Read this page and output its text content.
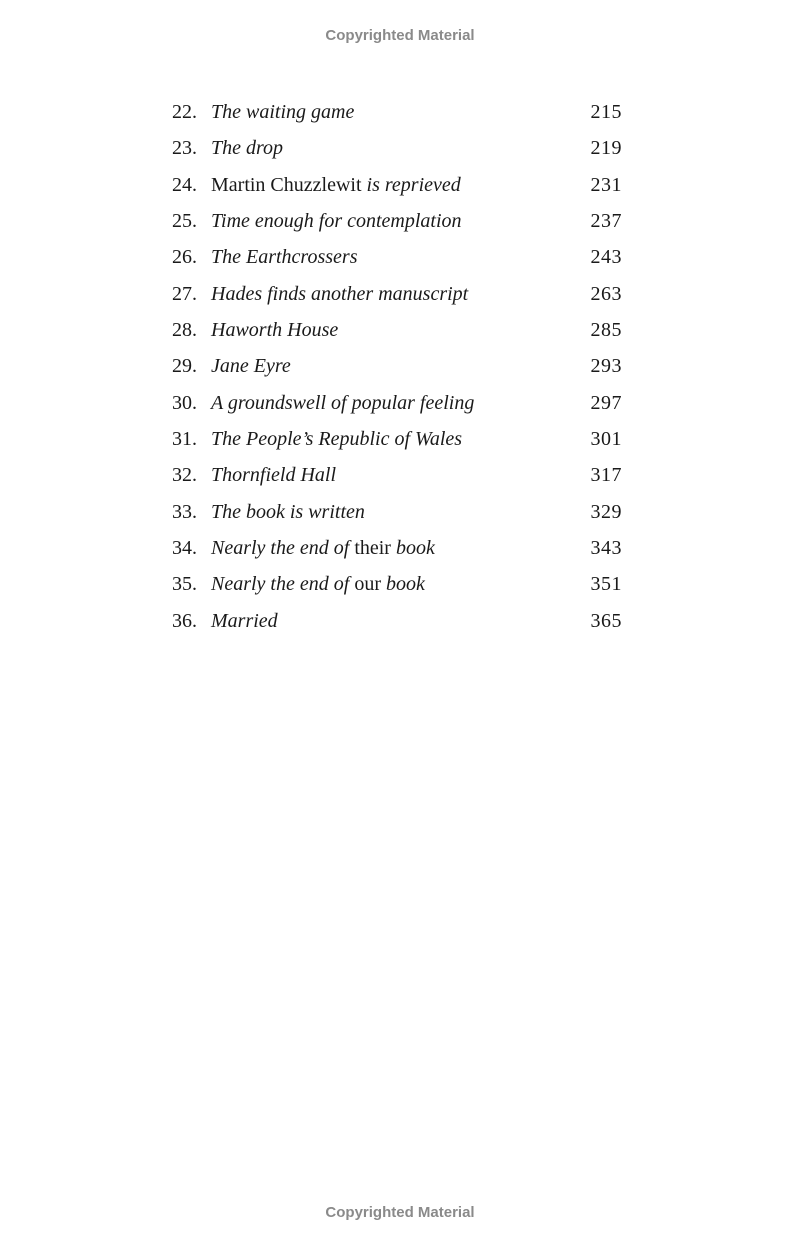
Copyrighted Material
22. The waiting game	215
23. The drop	219
24. Martin Chuzzlewit is reprieved	231
25. Time enough for contemplation	237
26. The Earthcrossers	243
27. Hades finds another manuscript	263
28. Haworth House	285
29. Jane Eyre	293
30. A groundswell of popular feeling	297
31. The People’s Republic of Wales	301
32. Thornfield Hall	317
33. The book is written	329
34. Nearly the end of their book	343
35. Nearly the end of our book	351
36. Married	365
Copyrighted Material
